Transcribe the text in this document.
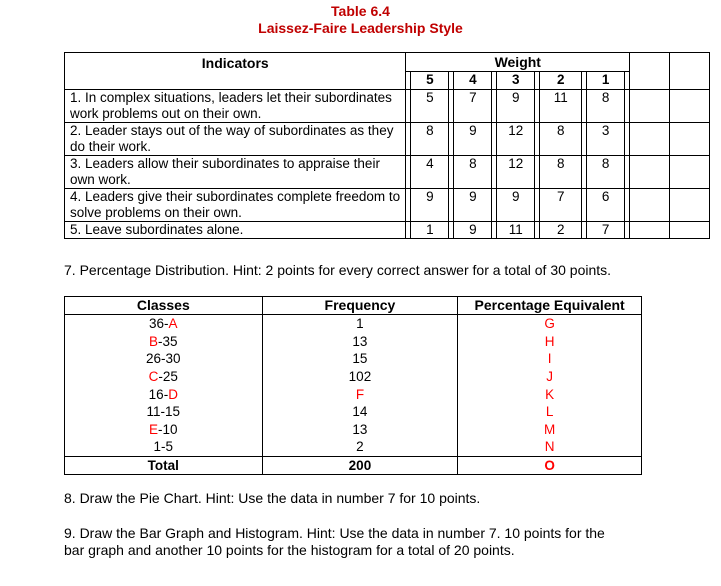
Table 6.4
Laissez-Faire Leadership Style
Indicators	Weight												
		5		4		3		2		1			
1. In complex situations, leaders let their subordinates work problems out on their own.		5		7		9		11		8			
2. Leader stays out of the way of subordinates as they do their work.		8		9		12		8		3			
3. Leaders allow their subordinates to appraise their own work.		4		8		12		8		8			
4. Leaders give their subordinates complete freedom to solve problems on their own.		9		9		9		7		6			
5. Leave subordinates alone.		1		9		11		2		7			
7. Percentage Distribution. Hint: 2 points for every correct answer for a total of 30 points.
Classes	Frequency	Percentage Equivalent
36-A	1	G
B-35	13	H
26-30	15	I
C-25	102	J
16-D	F	K
11-15	14	L
E-10	13	M
1-5	2	N
Total	200	O
8. Draw the Pie Chart. Hint: Use the data in number 7 for 10 points.
9. Draw the Bar Graph and Histogram. Hint: Use the data in number 7. 10 points for the
bar graph and another 10 points for the histogram for a total of 20 points.
